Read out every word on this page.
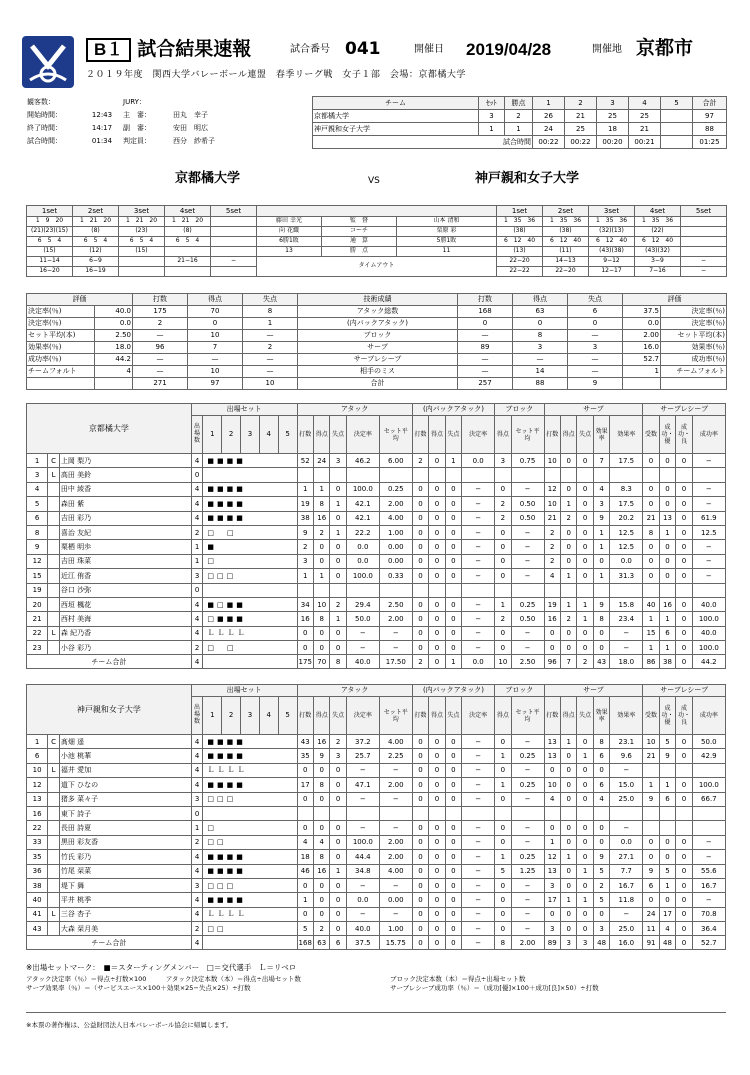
B１ 試合結果速報	試合番号 041	開催日 2019/04/28	開催地 京都市
２０１９年度　関西大学バレーボール連盟　春季リーグ戦　女子１部　会場：京都橘大学
観客数：		JURY：	
開始時間：	12:43	主　審：	田丸　幸子
終了時間：	14:17	副　審：	安田　明広
試合時間：	01:34	判定員：	西分　紗希子
チーム	ｾｯﾄ	勝点	1	2	3	4	5	合計
京都橘大学	3	2	26	21	25	25		97
神戸親和女子大学	1	1	24	25	18	21		88
試合時間			00:22	00:22	00:20	00:21		01:25
京都橘大学	VS	神戸親和女子大学
1set	2set	3set	4set	5set				1set	2set	3set	4set	5set
1　9　20	1　21　20	1　21　20	1　21　20		藤田 幸光	監　督	山本 清和	1　35　36	1　35　36	1　35　36	1　35　36	
(21)(23)(15)	(8)	(23)	(8)		向 花織	コーチ	栗原 彩	(38)	(38)	(32)(13)	(22)	
6　5　4	6　5　4	6　5　4	6　5　4		6勝1敗	通　算	5勝1敗	6　12　40	6　12　40	6　12　40	6　12　40	
(15)	(12)	(15)			13	勝　点	11	(13)	(11)	(43)(38)	(43)(32)	
11−14	6−9		21−16	−	タイムアウト			22−20	14−13	9−12	3−9	−
16−20	16−19							22−22	22−20	12−17	7−16	−
評価		打数	得点	失点	技術成績	打数	得点	失点	評価	
決定率(％)	40.0	175	70	8	アタック総数	168	63	6	37.5	決定率(％)
決定率(％)	0.0	2	0	1	(内バックアタック)	0	0	0	0.0	決定率(％)
セット平均(本)	2.50	—	10	—	ブロック	—	8	—	2.00	セット平均(本)
効果率(％)	18.0	96	7	2	サーブ	89	3	3	16.0	効果率(％)
成功率(％)	44.2	—	—	—	サーブレシーブ	—	—	—	52.7	成功率(％)
チームフォルト	4	—	10	—	相手のミス	—	14	—	1	チームフォルト
		271	97	10	合計	257	88	9		
京都橘大学			出場セット						アタック					(内バックアタック)				ブロック		サーブ					サーブレシーブ			
			出場数	1	2	3	4	5	打数	得点	失点	決定率	セット平均	打数	得点	失点	決定率	得点	セット平均	打数	得点	失点	効果率	効果率	受数	成功・優	成功・良	成功率
1	C	上岡 梨乃	4	■■■■					52	24	3	46.2	6.00	2	0	1	0.0	3	0.75	10	0	0	7	17.5	0	0	0	−
3	L	高田 美鈴	0																									
4		田中 綾香	4	■■■■					1	1	0	100.0	0.25	0	0	0	−	0	−	12	0	0	4	8.3	0	0	0	−
5		森田 紫	4	■■■■					19	8	1	42.1	2.00	0	0	0	−	2	0.50	10	1	0	3	17.5	0	0	0	−
6		吉田 彩乃	4	■■■■					38	16	0	42.1	4.00	0	0	0	−	2	0.50	21	2	0	9	20.2	21	13	0	61.9
8		喜治 友紀	2	□　□					9	2	1	22.2	1.00	0	0	0	−	0	−	2	0	0	1	12.5	8	1	0	12.5
9		栗栖 明歩	1	■					2	0	0	0.0	0.00	0	0	0	−	0	−	2	0	0	1	12.5	0	0	0	−
12		吉田 珠菜	1	□					3	0	0	0.0	0.00	0	0	0	−	0	−	2	0	0	0	0.0	0	0	0	−
15		近江 侑香	3	□□□					1	1	0	100.0	0.33	0	0	0	−	0	−	4	1	0	1	31.3	0	0	0	−
19		谷口 沙弥	0																									
20		西垣 楓花	4	■□■■					34	10	2	29.4	2.50	0	0	0	−	1	0.25	19	1	1	9	15.8	40	16	0	40.0
21		西村 美海	4	□■■■					16	8	1	50.0	2.00	0	0	0	−	2	0.50	16	2	1	8	23.4	1	1	0	100.0
22	L	森 紀乃香	4	ＬＬＬＬ					0	0	0	−	−	0	0	0	−	0	−	0	0	0	0	−	15	6	0	40.0
23		小谷 彩乃	2	□　□					0	0	0	−	−	0	0	0	−	0	−	0	0	0	0	−	1	1	0	100.0
チーム合計			4						175	70	8	40.0	17.50	2	0	1	0.0	10	2.50	96	7	2	43	18.0	86	38	0	44.2
神戸親和女子大学			出場セット						アタック					(内バックアタック)				ブロック		サーブ					サーブレシーブ			
			出場数	1	2	3	4	5	打数	得点	失点	決定率	セット平均	打数	得点	失点	決定率	得点	セット平均	打数	得点	失点	効果率	効果率	受数	成功・優	成功・良	成功率
1	C	髙畑 遥	4	■■■■					43	16	2	37.2	4.00	0	0	0	−	0	−	13	1	0	8	23.1	10	5	0	50.0
6		小池 桃華	4	■■■■					35	9	3	25.7	2.25	0	0	0	−	1	0.25	13	0	1	6	9.6	21	9	0	42.9
10	L	福井 愛加	4	ＬＬＬＬ					0	0	0	−	−	0	0	0	−	0	−	0	0	0	0	−				
12		道下 ひなの	4	■■■■					17	8	0	47.1	2.00	0	0	0	−	1	0.25	10	0	0	6	15.0	1	1	0	100.0
13		猪多 菜々子	3	□□□					0	0	0	−	−	0	0	0	−	0	−	4	0	0	4	25.0	9	6	0	66.7
16		東下 詩子	0																									
22		長田 詩夏	1	□					0	0	0	−	−	0	0	0	−	0	−	0	0	0	0	−				
33		黒田 彩友香	2	□□					4	4	0	100.0	2.00	0	0	0	−	0	−	1	0	0	0	0.0	0	0	0	−
35		竹氏 彩乃	4	■■■■					18	8	0	44.4	2.00	0	0	0	−	1	0.25	12	1	0	9	27.1	0	0	0	−
36		竹尾 栞菜	4	■■■■					46	16	1	34.8	4.00	0	0	0	−	5	1.25	13	0	1	5	7.7	9	5	0	55.6
38		堤下 舞	3	□□□					0	0	0	−	−	0	0	0	−	0	−	3	0	0	2	16.7	6	1	0	16.7
40		平井 桃季	4	■■■■					1	0	0	0.0	0.00	0	0	0	−	0	−	17	1	1	5	11.8	0	0	0	−
41	L	三谷 杏子	4	ＬＬＬＬ					0	0	0	−	−	0	0	0	−	0	−	0	0	0	0	−	24	17	0	70.8
43		大森 栞月美	2	□□					5	2	0	40.0	1.00	0	0	0	−	0	−	3	0	0	3	25.0	11	4	0	36.4
チーム合計			4						168	63	6	37.5	15.75	0	0	0	−	8	2.00	89	3	3	48	16.0	91	48	0	52.7
※出場セットマーク：　■＝スターティングメンバー　□＝交代選手　Ｌ＝リベロ
アタック決定率（％）＝得点÷打数×100　　　アタック決定本数（本）＝得点÷出場セット数
サーブ効果率（％）＝（サービスエース×100＋効果×25−失点×25）÷打数
ブロック決定本数（本）＝得点÷出場セット数
サーブレシーブ成功率（％）＝（成功[優]×100＋成功[良]×50）÷打数
※本票の著作権は、公益財団法人日本バレーボール協会に帰属します。
